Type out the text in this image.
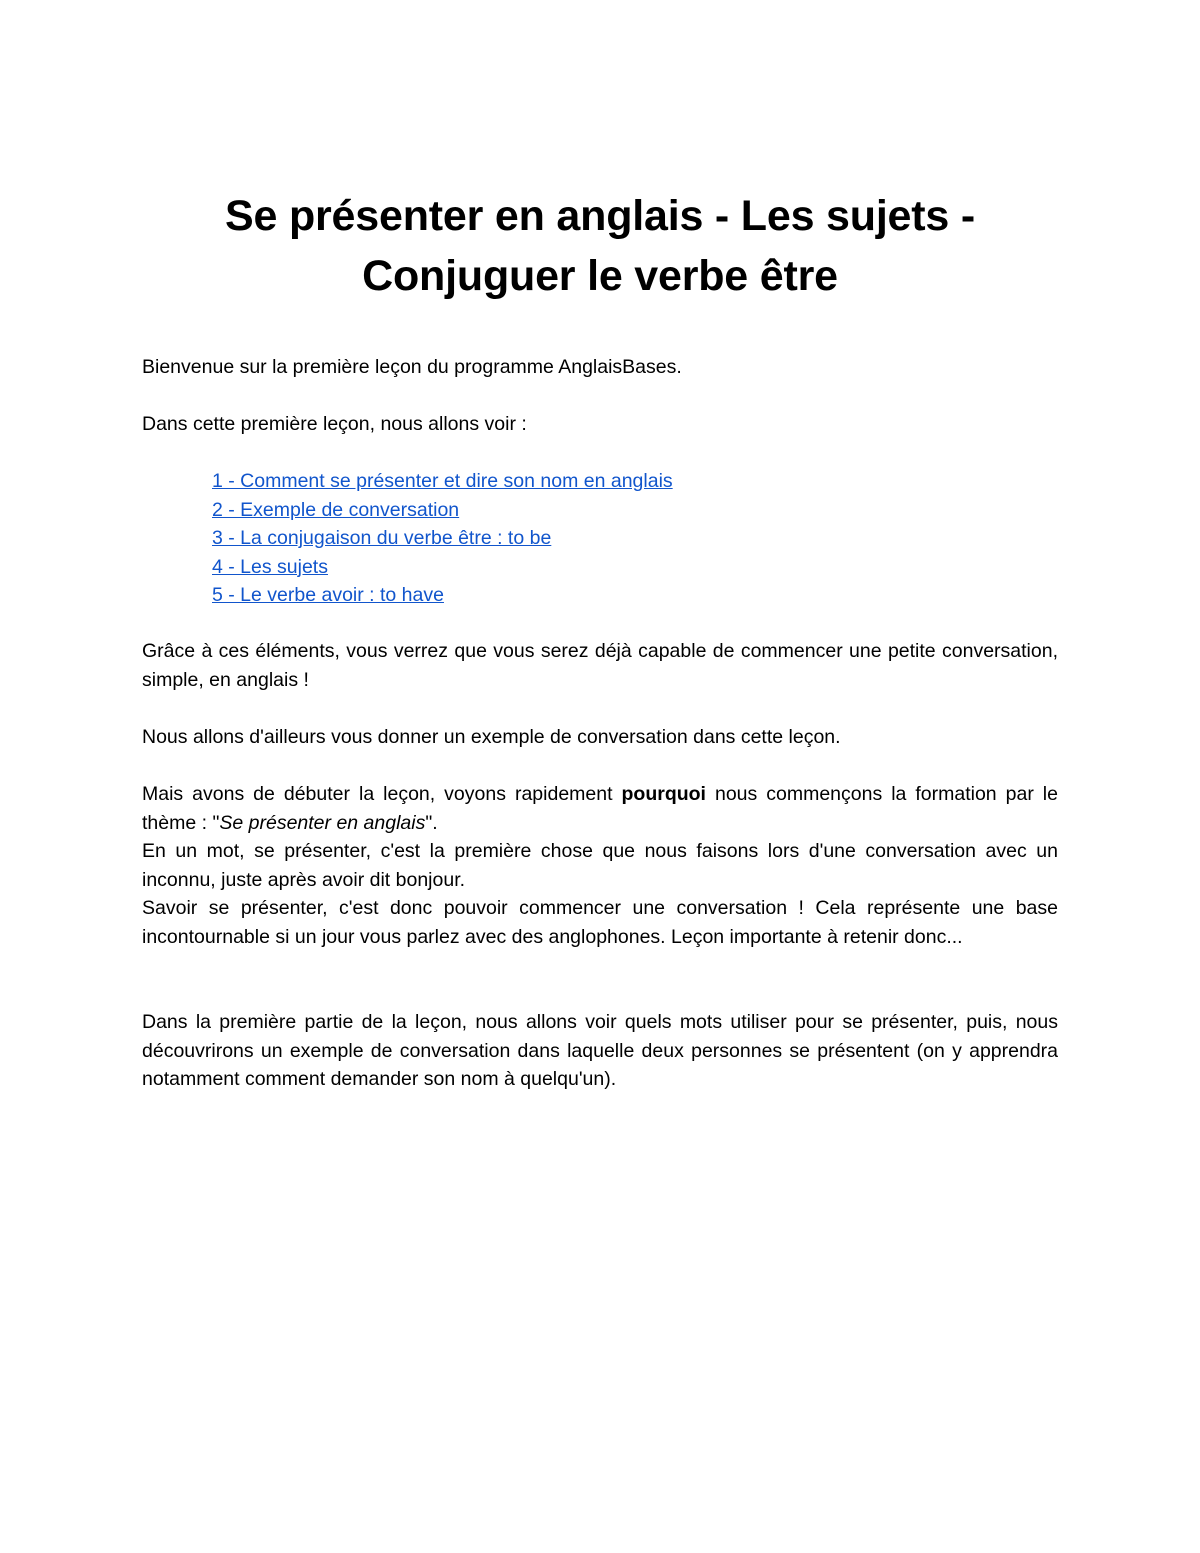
Se présenter en anglais - Les sujets -
Conjuguer le verbe être

Bienvenue sur la première leçon du programme AnglaisBases.

Dans cette première leçon, nous allons voir :

1 - Comment se présenter et dire son nom en anglais
2 - Exemple de conversation
3 - La conjugaison du verbe être : to be
4 - Les sujets
5 - Le verbe avoir : to have

Grâce à ces éléments, vous verrez que vous serez déjà capable de commencer une petite conversation, simple, en anglais !

Nous allons d'ailleurs vous donner un exemple de conversation dans cette leçon.

Mais avons de débuter la leçon, voyons rapidement pourquoi nous commençons la formation par le thème : "Se présenter en anglais".

En un mot, se présenter, c'est la première chose que nous faisons lors d'une conversation avec un inconnu, juste après avoir dit bonjour.

Savoir se présenter, c'est donc pouvoir commencer une conversation ! Cela représente une base incontournable si un jour vous parlez avec des anglophones. Leçon importante à retenir donc...

Dans la première partie de la leçon, nous allons voir quels mots utiliser pour se présenter, puis, nous découvrirons un exemple de conversation dans laquelle deux personnes se présentent (on y apprendra notamment comment demander son nom à quelqu'un).
